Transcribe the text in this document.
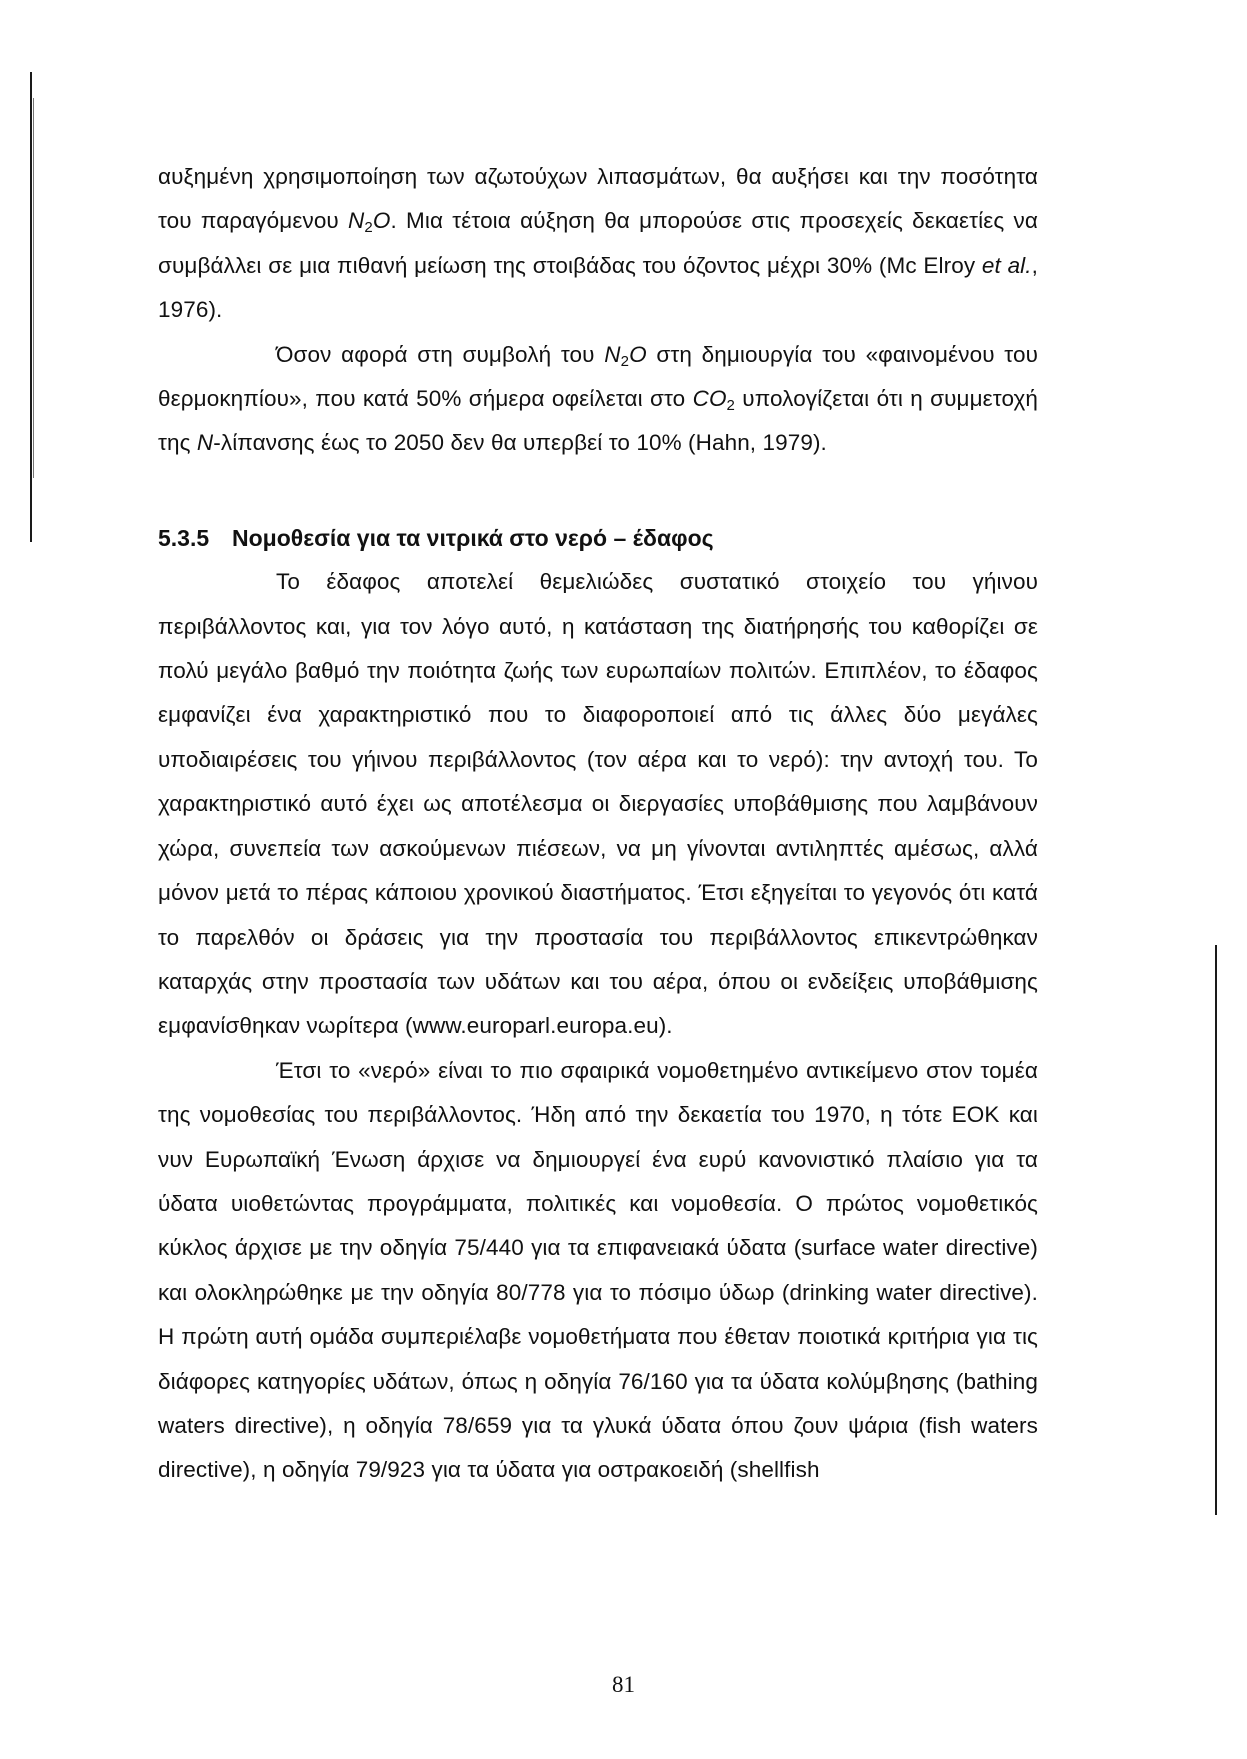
αυξημένη χρησιμοποίηση των αζωτούχων λιπασμάτων, θα αυξήσει και την ποσότητα του παραγόμενου $N_2O$. Μια τέτοια αύξηση θα μπορούσε στις προσεχείς δεκαετίες να συμβάλλει σε μια πιθανή μείωση της στοιβάδας του όζοντος μέχρι 30% (Mc Elroy et al., 1976).

Όσον αφορά στη συμβολή του $N_2O$ στη δημιουργία του «φαινομένου του θερμοκηπίου», που κατά 50% σήμερα οφείλεται στο $CO_2$ υπολογίζεται ότι η συμμετοχή της N-λίπανσης έως το 2050 δεν θα υπερβεί το 10% (Hahn, 1979).

5.3.5 Νομοθεσία για τα νιτρικά στο νερό – έδαφος

Το έδαφος αποτελεί θεμελιώδες συστατικό στοιχείο του γήινου περιβάλλοντος και, για τον λόγο αυτό, η κατάσταση της διατήρησής του καθορίζει σε πολύ μεγάλο βαθμό την ποιότητα ζωής των ευρωπαίων πολιτών. Επιπλέον, το έδαφος εμφανίζει ένα χαρακτηριστικό που το διαφοροποιεί από τις άλλες δύο μεγάλες υποδιαιρέσεις του γήινου περιβάλλοντος (τον αέρα και το νερό): την αντοχή του. Το χαρακτηριστικό αυτό έχει ως αποτέλεσμα οι διεργασίες υποβάθμισης που λαμβάνουν χώρα, συνεπεία των ασκούμενων πιέσεων, να μη γίνονται αντιληπτές αμέσως, αλλά μόνον μετά το πέρας κάποιου χρονικού διαστήματος. Έτσι εξηγείται το γεγονός ότι κατά το παρελθόν οι δράσεις για την προστασία του περιβάλλοντος επικεντρώθηκαν καταρχάς στην προστασία των υδάτων και του αέρα, όπου οι ενδείξεις υποβάθμισης εμφανίσθηκαν νωρίτερα (www.europarl.europa.eu).

Έτσι το «νερό» είναι το πιο σφαιρικά νομοθετημένο αντικείμενο στον τομέα της νομοθεσίας του περιβάλλοντος. Ήδη από την δεκαετία του 1970, η τότε ΕΟΚ και νυν Ευρωπαϊκή Ένωση άρχισε να δημιουργεί ένα ευρύ κανονιστικό πλαίσιο για τα ύδατα υιοθετώντας προγράμματα, πολιτικές και νομοθεσία. Ο πρώτος νομοθετικός κύκλος άρχισε με την οδηγία 75/440 για τα επιφανειακά ύδατα (surface water directive) και ολοκληρώθηκε με την οδηγία 80/778 για το πόσιμο ύδωρ (drinking water directive). Η πρώτη αυτή ομάδα συμπεριέλαβε νομοθετήματα που έθεταν ποιοτικά κριτήρια για τις διάφορες κατηγορίες υδάτων, όπως η οδηγία 76/160 για τα ύδατα κολύμβησης (bathing waters directive), η οδηγία 78/659 για τα γλυκά ύδατα όπου ζουν ψάρια (fish waters directive), η οδηγία 79/923 για τα ύδατα για οστρακοειδή (shellfish

81
